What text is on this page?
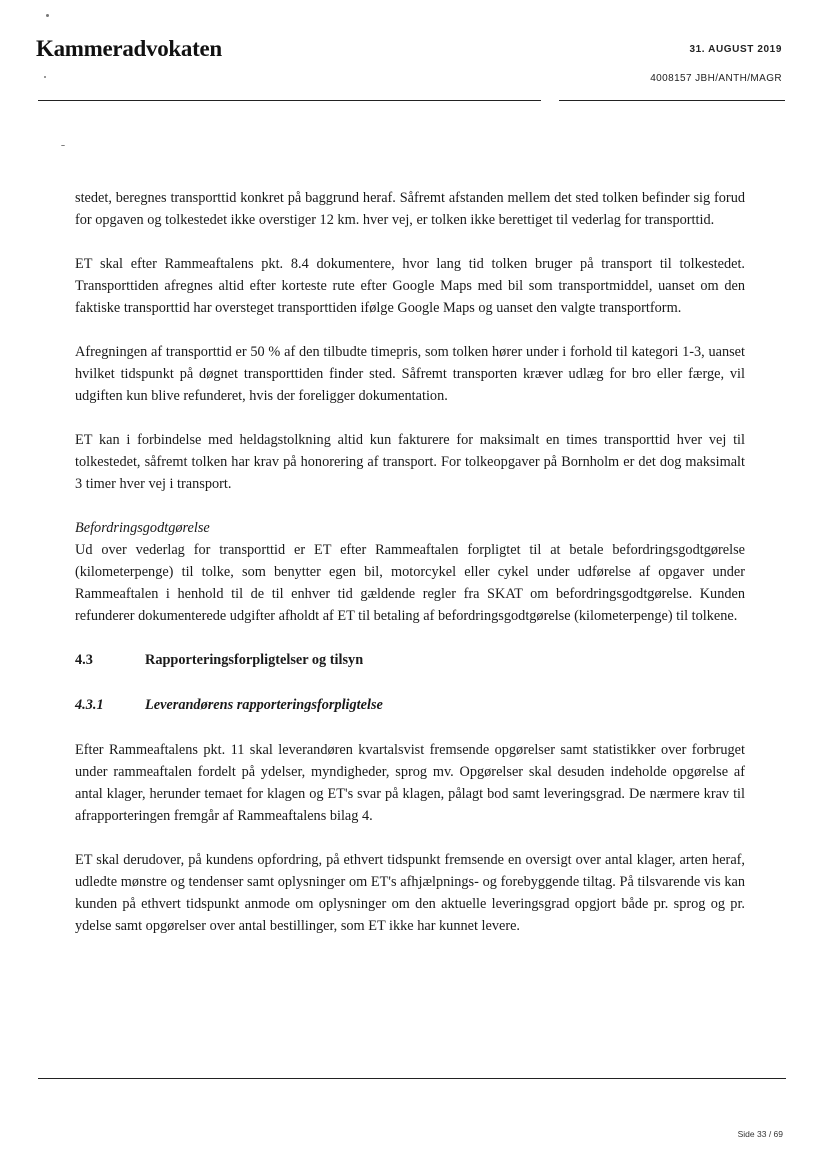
Kammeradvokaten	31. AUGUST 2019
4008157 JBH/ANTH/MAGR

stedet, beregnes transporttid konkret på baggrund heraf. Såfremt afstanden mellem det sted tolken befinder sig forud for opgaven og tolkestedet ikke overstiger 12 km. hver vej, er tolken ikke berettiget til vederlag for transporttid.

ET skal efter Rammeaftalens pkt. 8.4 dokumentere, hvor lang tid tolken bruger på transport til tolkestedet. Transporttiden afregnes altid efter korteste rute efter Google Maps med bil som transportmiddel, uanset om den faktiske transporttid har oversteget transporttiden ifølge Google Maps og uanset den valgte transportform.

Afregningen af transporttid er 50 % af den tilbudte timepris, som tolken hører under i forhold til kategori 1-3, uanset hvilket tidspunkt på døgnet transporttiden finder sted. Såfremt transporten kræver udlæg for bro eller færge, vil udgiften kun blive refunderet, hvis der foreligger dokumentation.

ET kan i forbindelse med heldagstolkning altid kun fakturere for maksimalt en times transporttid hver vej til tolkestedet, såfremt tolken har krav på honorering af transport. For tolkeopgaver på Bornholm er det dog maksimalt 3 timer hver vej i transport.

Befordringsgodtgørelse

Ud over vederlag for transporttid er ET efter Rammeaftalen forpligtet til at betale befordringsgodtgørelse (kilometerpenge) til tolke, som benytter egen bil, motorcykel eller cykel under udførelse af opgaver under Rammeaftalen i henhold til de til enhver tid gældende regler fra SKAT om befordringsgodtgørelse. Kunden refunderer dokumenterede udgifter afholdt af ET til betaling af befordringsgodtgørelse (kilometerpenge) til tolkene.

4.3	Rapporteringsforpligtelser og tilsyn
4.3.1	Leverandørens rapporteringsforpligtelse

Efter Rammeaftalens pkt. 11 skal leverandøren kvartalsvist fremsende opgørelser samt statistikker over forbruget under rammeaftalen fordelt på ydelser, myndigheder, sprog mv. Opgørelser skal desuden indeholde opgørelse af antal klager, herunder temaet for klagen og ET's svar på klagen, pålagt bod samt leveringsgrad. De nærmere krav til afrapporteringen fremgår af Rammeaftalens bilag 4.

ET skal derudover, på kundens opfordring, på ethvert tidspunkt fremsende en oversigt over antal klager, arten heraf, udledte mønstre og tendenser samt oplysninger om ET's afhjælpnings- og forebyggende tiltag. På tilsvarende vis kan kunden på ethvert tidspunkt anmode om oplysninger om den aktuelle leveringsgrad opgjort både pr. sprog og pr. ydelse samt opgørelser over antal bestillinger, som ET ikke har kunnet levere.

Side 33 / 69
